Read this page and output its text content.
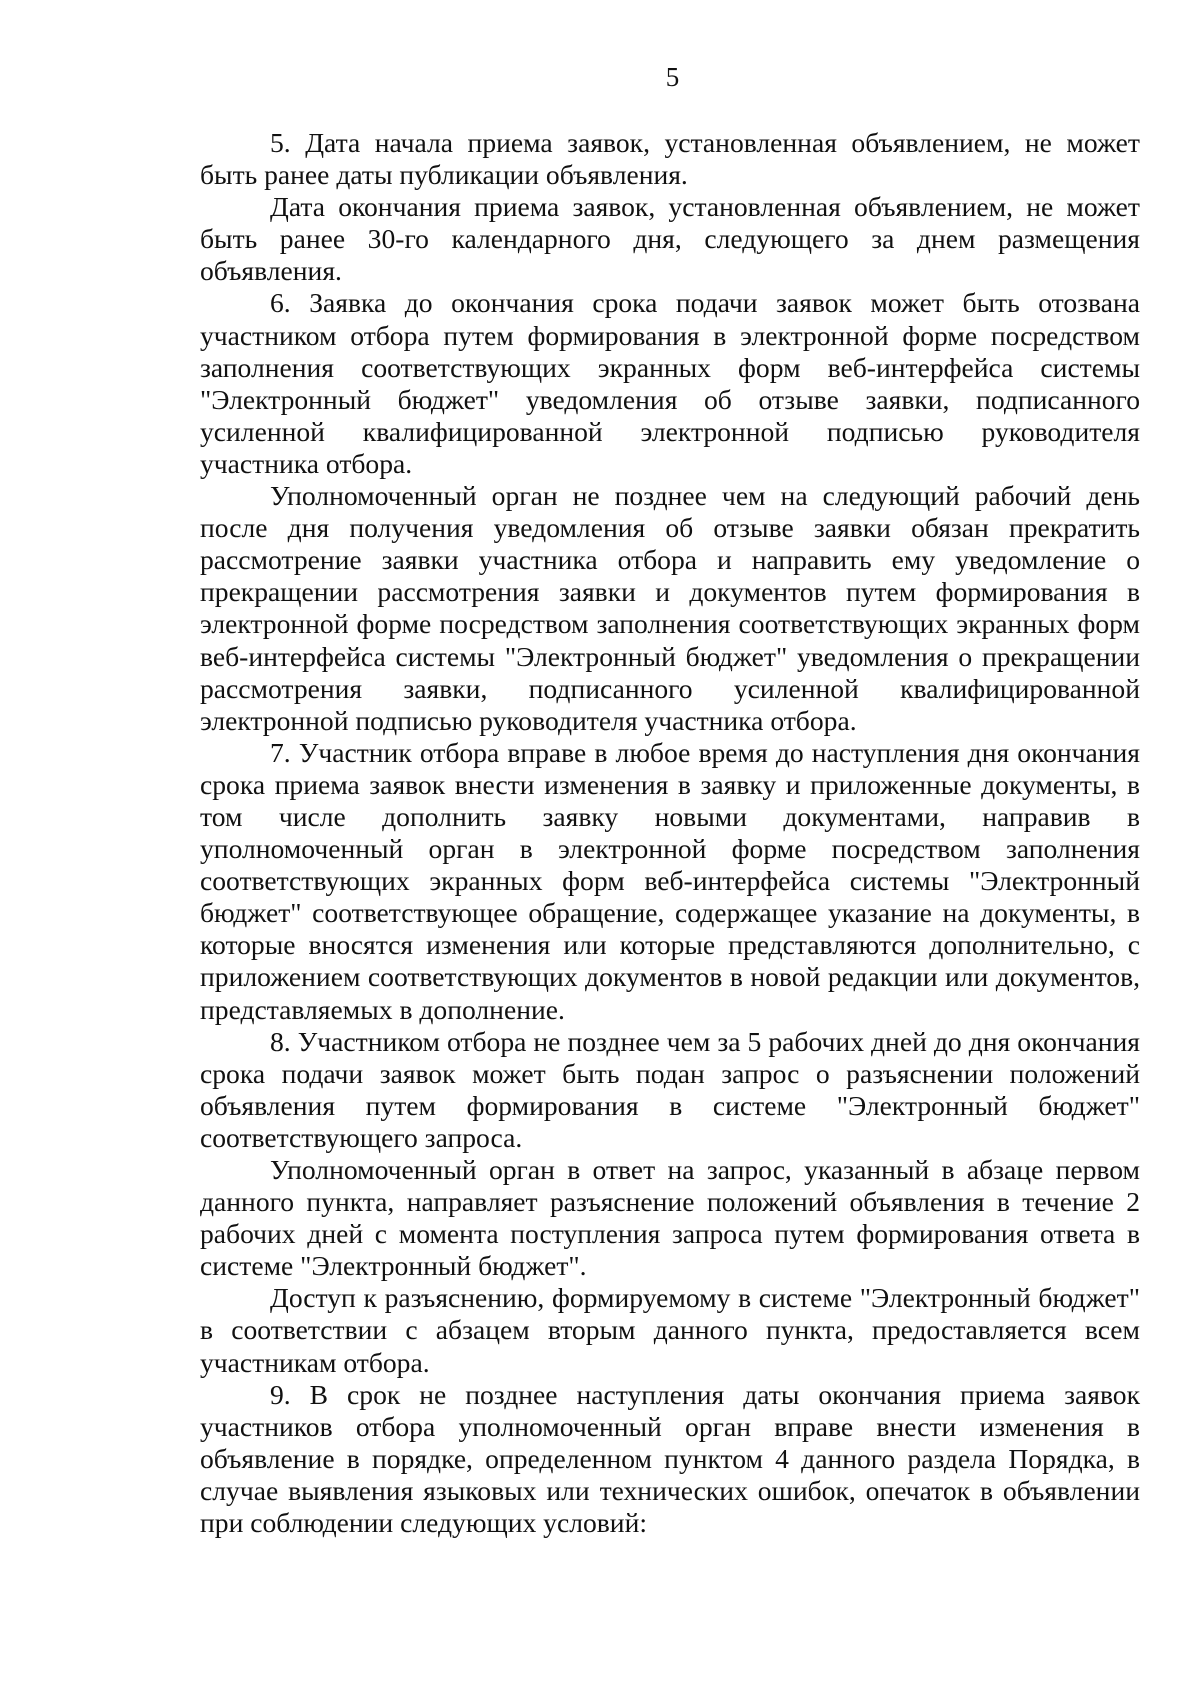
5

5. Дата начала приема заявок, установленная объявлением, не может быть ранее даты публикации объявления.

Дата окончания приема заявок, установленная объявлением, не может быть ранее 30-го календарного дня, следующего за днем размещения объявления.

6. Заявка до окончания срока подачи заявок может быть отозвана участником отбора путем формирования в электронной форме посредством заполнения соответствующих экранных форм веб-интерфейса системы "Электронный бюджет" уведомления об отзыве заявки, подписанного усиленной квалифицированной электронной подписью руководителя участника отбора.

Уполномоченный орган не позднее чем на следующий рабочий день после дня получения уведомления об отзыве заявки обязан прекратить рассмотрение заявки участника отбора и направить ему уведомление о прекращении рассмотрения заявки и документов путем формирования в электронной форме посредством заполнения соответствующих экранных форм веб-интерфейса системы "Электронный бюджет" уведомления о прекращении рассмотрения заявки, подписанного усиленной квалифицированной электронной подписью руководителя участника отбора.

7. Участник отбора вправе в любое время до наступления дня окончания срока приема заявок внести изменения в заявку и приложенные документы, в том числе дополнить заявку новыми документами, направив в уполномоченный орган в электронной форме посредством заполнения соответствующих экранных форм веб-интерфейса системы "Электронный бюджет" соответствующее обращение, содержащее указание на документы, в которые вносятся изменения или которые представляются дополнительно, с приложением соответствующих документов в новой редакции или документов, представляемых в дополнение.

8. Участником отбора не позднее чем за 5 рабочих дней до дня окончания срока подачи заявок может быть подан запрос о разъяснении положений объявления путем формирования в системе "Электронный бюджет" соответствующего запроса.

Уполномоченный орган в ответ на запрос, указанный в абзаце первом данного пункта, направляет разъяснение положений объявления в течение 2 рабочих дней с момента поступления запроса путем формирования ответа в системе "Электронный бюджет".

Доступ к разъяснению, формируемому в системе "Электронный бюджет" в соответствии с абзацем вторым данного пункта, предоставляется всем участникам отбора.

9. В срок не позднее наступления даты окончания приема заявок участников отбора уполномоченный орган вправе внести изменения в объявление в порядке, определенном пунктом 4 данного раздела Порядка, в случае выявления языковых или технических ошибок, опечаток в объявлении при соблюдении следующих условий:
